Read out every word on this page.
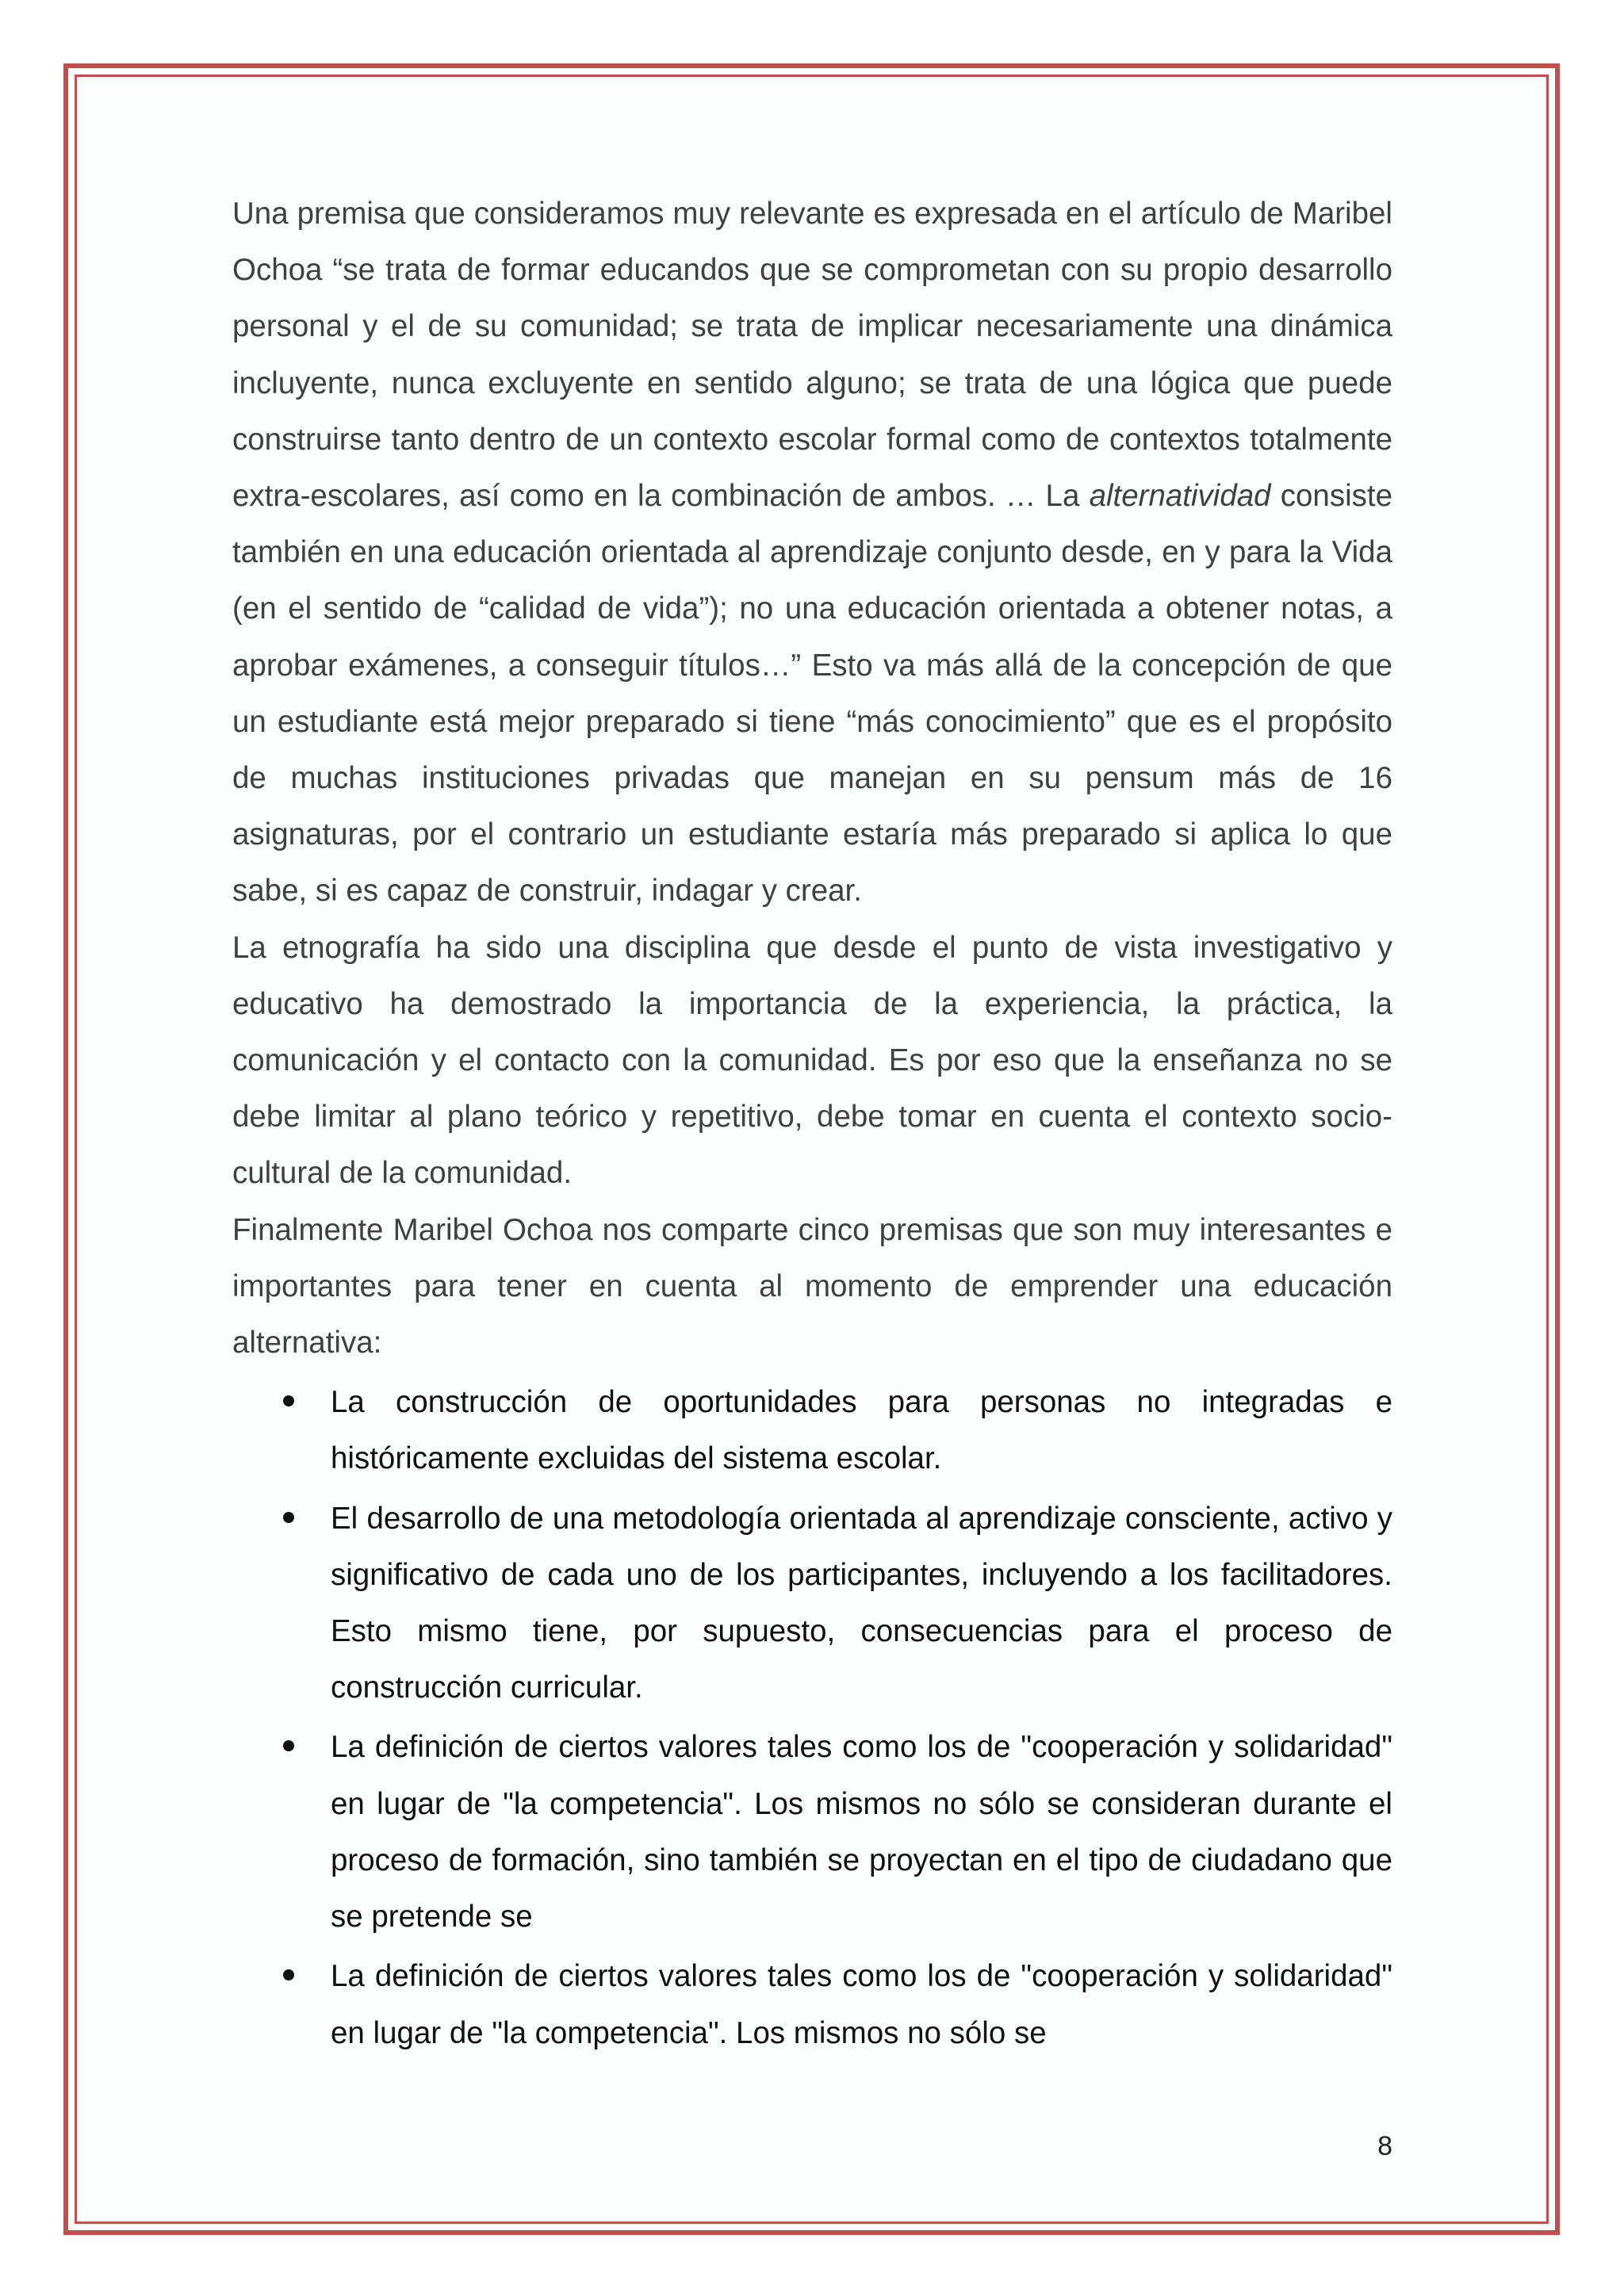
Una premisa que consideramos muy relevante es expresada en el artículo de Maribel Ochoa “se trata de formar educandos que se comprometan con su propio desarrollo personal y el de su comunidad; se trata de implicar necesariamente una dinámica incluyente, nunca excluyente en sentido alguno; se trata de una lógica que puede construirse tanto dentro de un contexto escolar formal como de contextos totalmente extra-escolares, así como en la combinación de ambos. … La alternatividad consiste también en una educación orientada al aprendizaje conjunto desde, en y para la Vida (en el sentido de “calidad de vida”); no una educación orientada a obtener notas, a aprobar exámenes, a conseguir títulos…” Esto va más allá de la concepción de que un estudiante está mejor preparado si tiene “más conocimiento” que es el propósito de muchas instituciones privadas que manejan en su pensum más de 16 asignaturas, por el contrario un estudiante estaría más preparado si aplica lo que sabe, si es capaz de construir, indagar y crear.

La etnografía ha sido una disciplina que desde el punto de vista investigativo y educativo ha demostrado la importancia de la experiencia, la práctica, la comunicación y el contacto con la comunidad. Es por eso que la enseñanza no se debe limitar al plano teórico y repetitivo, debe tomar en cuenta el contexto socio-cultural de la comunidad.

Finalmente Maribel Ochoa nos comparte cinco premisas que son muy interesantes e importantes para tener en cuenta al momento de emprender una educación alternativa:

La construcción de oportunidades para personas no integradas e históricamente excluidas del sistema escolar.
El desarrollo de una metodología orientada al aprendizaje consciente, activo y significativo de cada uno de los participantes, incluyendo a los facilitadores. Esto mismo tiene, por supuesto, consecuencias para el proceso de construcción curricular.
La definición de ciertos valores tales como los de "cooperación y solidaridad" en lugar de "la competencia". Los mismos no sólo se consideran durante el proceso de formación, sino también se proyectan en el tipo de ciudadano que se pretende se
La definición de ciertos valores tales como los de "cooperación y solidaridad" en lugar de "la competencia". Los mismos no sólo se
8
